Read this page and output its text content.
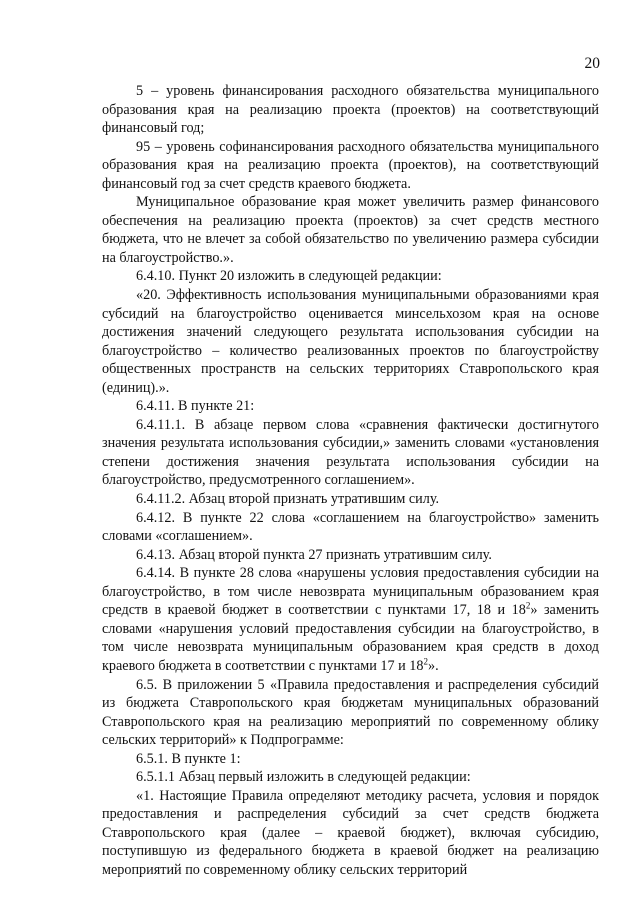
20

5 – уровень финансирования расходного обязательства муниципального образования края на реализацию проекта (проектов) на соответствующий финансовый год;

95 – уровень софинансирования расходного обязательства муниципального образования края на реализацию проекта (проектов), на соответствующий финансовый год за счет средств краевого бюджета.

Муниципальное образование края может увеличить размер финансового обеспечения на реализацию проекта (проектов) за счет средств местного бюджета, что не влечет за собой обязательство по увеличению размера субсидии на благоустройство.».

6.4.10. Пункт 20 изложить в следующей редакции:

«20. Эффективность использования муниципальными образованиями края субсидий на благоустройство оценивается минсельхозом края на основе достижения значений следующего результата использования субсидии на благоустройство – количество реализованных проектов по благоустройству общественных пространств на сельских территориях Ставропольского края (единиц).».

6.4.11. В пункте 21:

6.4.11.1. В абзаце первом слова «сравнения фактически достигнутого значения результата использования субсидии,» заменить словами «установления степени достижения значения результата использования субсидии на благоустройство, предусмотренного соглашением».

6.4.11.2. Абзац второй признать утратившим силу.

6.4.12. В пункте 22 слова «соглашением на благоустройство» заменить словами «соглашением».

6.4.13. Абзац второй пункта 27 признать утратившим силу.

6.4.14. В пункте 28 слова «нарушены условия предоставления субсидии на благоустройство, в том числе невозврата муниципальным образованием края средств в краевой бюджет в соответствии с пунктами 17, 18 и $18^2$» заменить словами «нарушения условий предоставления субсидии на благоустройство, в том числе невозврата муниципальным образованием края средств в доход краевого бюджета в соответствии с пунктами 17 и $18^2$».

6.5. В приложении 5 «Правила предоставления и распределения субсидий из бюджета Ставропольского края бюджетам муниципальных образований Ставропольского края на реализацию мероприятий по современному облику сельских территорий» к Подпрограмме:

6.5.1. В пункте 1:

6.5.1.1 Абзац первый изложить в следующей редакции:

«1. Настоящие Правила определяют методику расчета, условия и порядок предоставления и распределения субсидий за счет средств бюджета Ставропольского края (далее – краевой бюджет), включая субсидию, поступившую из федерального бюджета в краевой бюджет на реализацию мероприятий по современному облику сельских территорий
